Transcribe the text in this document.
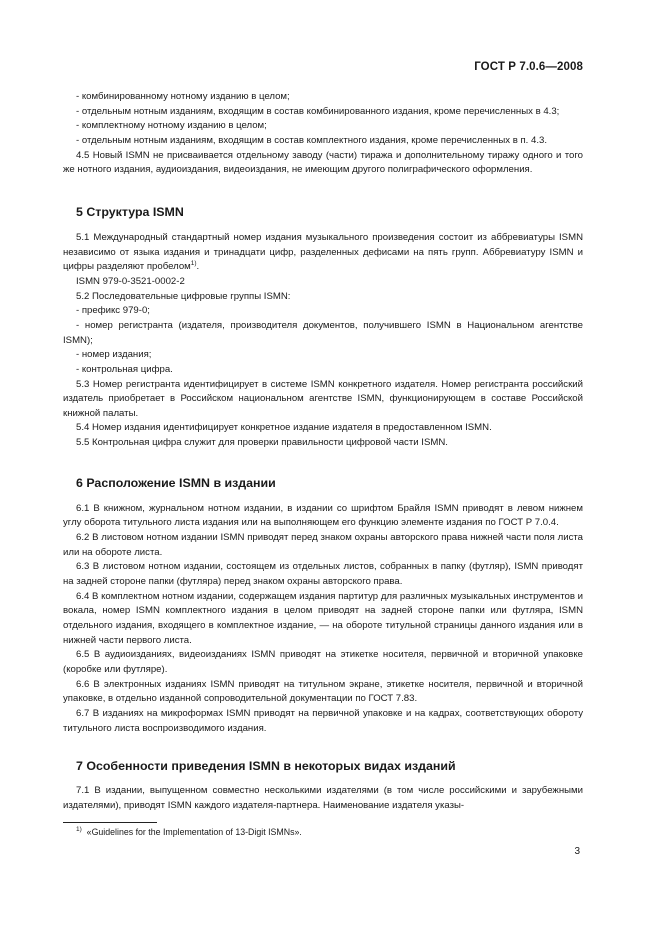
ГОСТ Р 7.0.6—2008

- комбинированному нотному изданию в целом;

- отдельным нотным изданиям, входящим в состав комбинированного издания, кроме перечисленных в 4.3;

- комплектному нотному изданию в целом;

- отдельным нотным изданиям, входящим в состав комплектного издания, кроме перечисленных в п. 4.3.

4.5 Новый ISMN не присваивается отдельному заводу (части) тиража и дополнительному тиражу одного и того же нотного издания, аудиоиздания, видеоиздания, не имеющим другого полиграфического оформления.

5 Структура ISMN

5.1 Международный стандартный номер издания музыкального произведения состоит из аббревиатуры ISMN независимо от языка издания и тринадцати цифр, разделенных дефисами на пять групп. Аббревиатуру ISMN и цифры разделяют пробелом$^{1)}$.

ISMN 979-0-3521-0002-2

5.2 Последовательные цифровые группы ISMN:

- префикс 979-0;

- номер регистранта (издателя, производителя документов, получившего ISMN в Национальном агентстве ISMN);

- номер издания;

- контрольная цифра.

5.3 Номер регистранта идентифицирует в системе ISMN конкретного издателя. Номер регистранта российский издатель приобретает в Российском национальном агентстве ISMN, функционирующем в составе Российской книжной палаты.

5.4 Номер издания идентифицирует конкретное издание издателя в предоставленном ISMN.

5.5 Контрольная цифра служит для проверки правильности цифровой части ISMN.

6 Расположение ISMN в издании

6.1 В книжном, журнальном нотном издании, в издании со шрифтом Брайля ISMN приводят в левом нижнем углу оборота титульного листа издания или на выполняющем его функцию элементе издания по ГОСТ Р 7.0.4.

6.2 В листовом нотном издании ISMN приводят перед знаком охраны авторского права нижней части поля листа или на обороте листа.

6.3 В листовом нотном издании, состоящем из отдельных листов, собранных в папку (футляр), ISMN приводят на задней стороне папки (футляра) перед знаком охраны авторского права.

6.4 В комплектном нотном издании, содержащем издания партитур для различных музыкальных инструментов и вокала, номер ISMN комплектного издания в целом приводят на задней стороне папки или футляра, ISMN отдельного издания, входящего в комплектное издание, — на обороте титульной страницы данного издания или в нижней части первого листа.

6.5 В аудиоизданиях, видеоизданиях ISMN приводят на этикетке носителя, первичной и вторичной упаковке (коробке или футляре).

6.6 В электронных изданиях ISMN приводят на титульном экране, этикетке носителя, первичной и вторичной упаковке, в отдельно изданной сопроводительной документации по ГОСТ 7.83.

6.7 В изданиях на микроформах ISMN приводят на первичной упаковке и на кадрах, соответствующих обороту титульного листа воспроизводимого издания.

7 Особенности приведения ISMN в некоторых видах изданий

7.1 В издании, выпущенном совместно несколькими издателями (в том числе российскими и зарубежными издателями), приводят ISMN каждого издателя-партнера. Наименование издателя указы-

$^{1)}$ «Guidelines for the Implementation of 13-Digit ISMNs».
3
